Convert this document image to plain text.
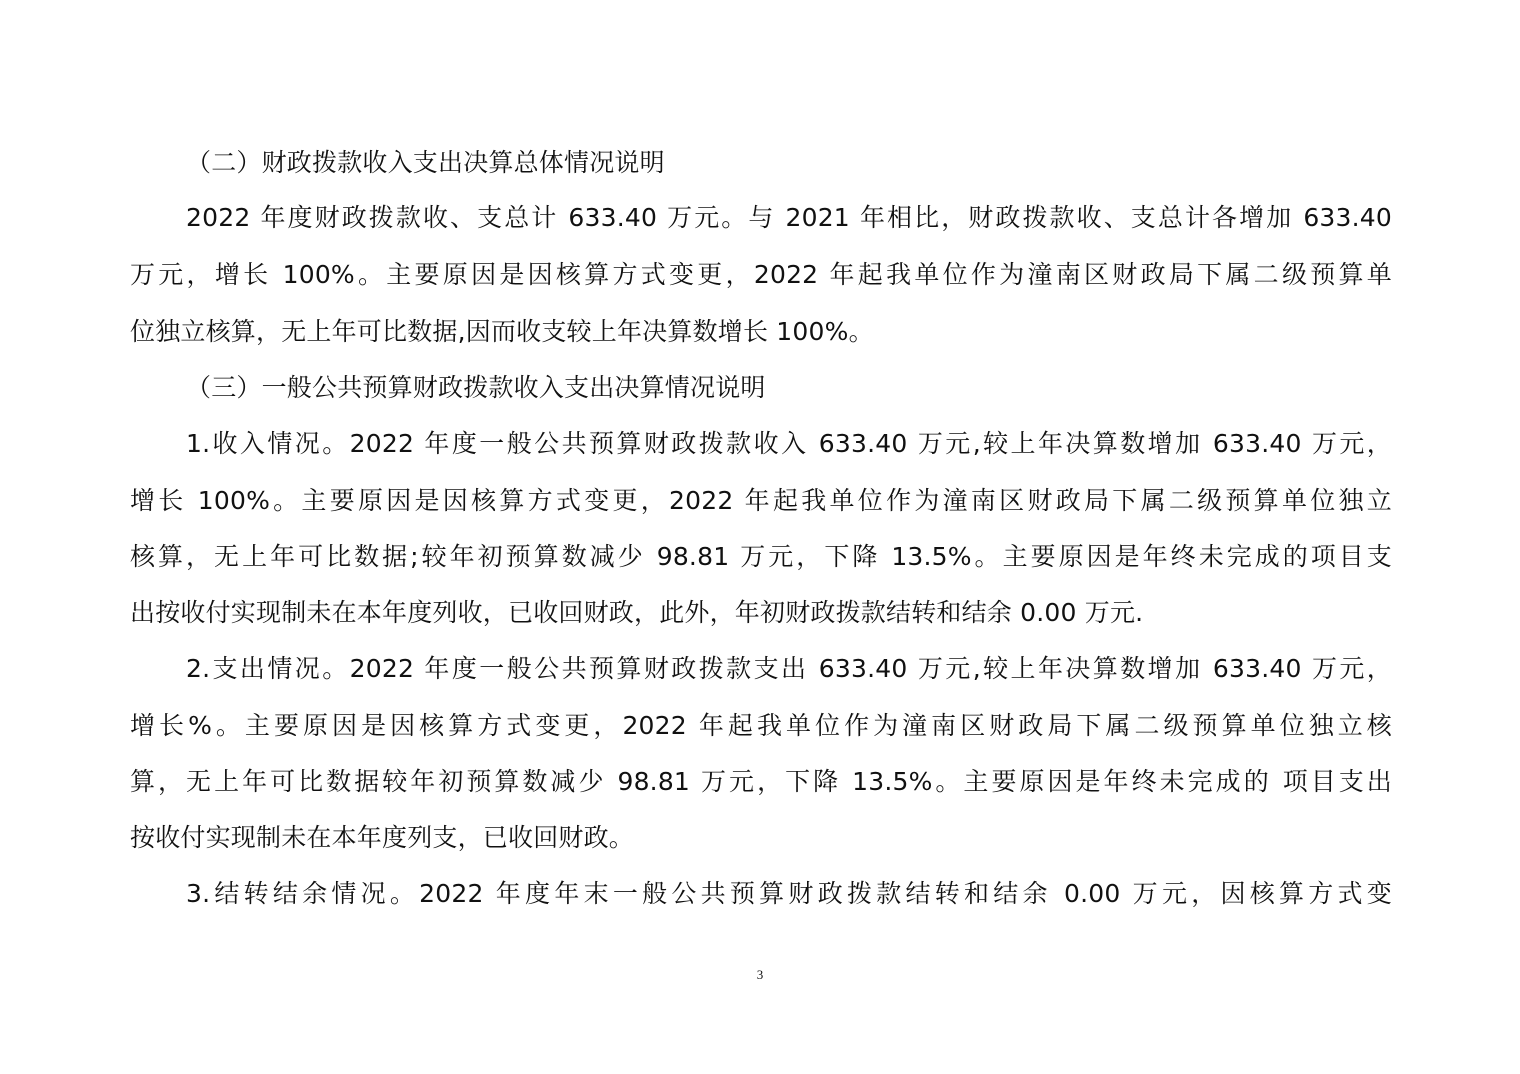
（二）财政拨款收入支出决算总体情况说明
2022 年度财政拨款收、支总计 633.40 万元。与 2021 年相比，财政拨款收、支总计各增加 633.40
万元，增长 100%。主要原因是因核算方式变更，2022 年起我单位作为潼南区财政局下属二级预算单
位独立核算，无上年可比数据,因而收支较上年决算数增长 100%。
（三）一般公共预算财政拨款收入支出决算情况说明
1.收入情况。2022 年度一般公共预算财政拨款收入 633.40 万元,较上年决算数增加 633.40 万元，
增长 100%。主要原因是因核算方式变更，2022 年起我单位作为潼南区财政局下属二级预算单位独立
核算，无上年可比数据;较年初预算数减少 98.81 万元，下降 13.5%。主要原因是年终未完成的项目支
出按收付实现制未在本年度列收，已收回财政，此外，年初财政拨款结转和结余 0.00 万元.
2.支出情况。2022 年度一般公共预算财政拨款支出 633.40 万元,较上年决算数增加 633.40 万元，
增长%。主要原因是因核算方式变更，2022 年起我单位作为潼南区财政局下属二级预算单位独立核
算，无上年可比数据较年初预算数减少 98.81 万元，下降 13.5%。主要原因是年终未完成的 项目支出
按收付实现制未在本年度列支，已收回财政。
3.结转结余情况。2022 年度年末一般公共预算财政拨款结转和结余 0.00 万元，因核算方式变
3
